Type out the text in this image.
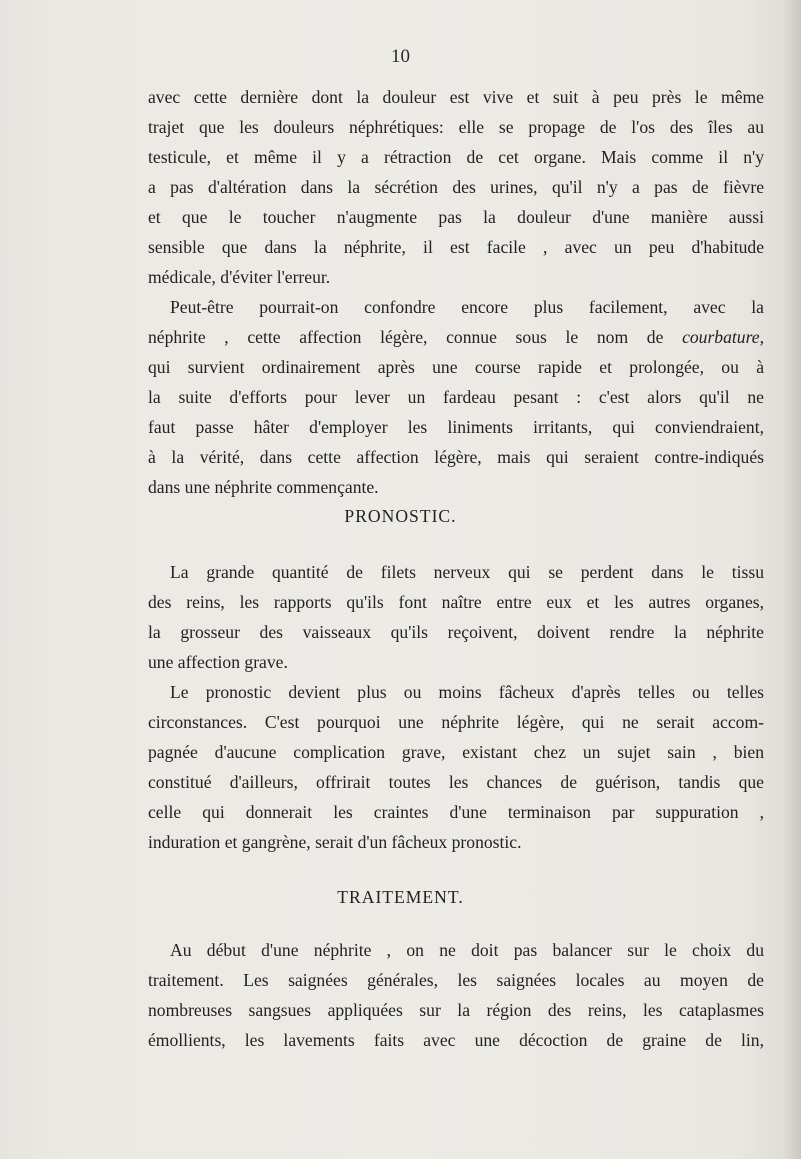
10
avec cette dernière dont la douleur est vive et suit à peu près le même
trajet que les douleurs néphrétiques: elle se propage de l'os des îles au
testicule, et même il y a rétraction de cet organe. Mais comme il n'y
a pas d'altération dans la sécrétion des urines, qu'il n'y a pas de fièvre
et que le toucher n'augmente pas la douleur d'une manière aussi
sensible que dans la néphrite, il est facile , avec un peu d'habitude
médicale, d'éviter l'erreur.
Peut-être pourrait-on confondre encore plus facilement, avec la
néphrite , cette affection légère, connue sous le nom de courbature,
qui survient ordinairement après une course rapide et prolongée, ou à
la suite d'efforts pour lever un fardeau pesant : c'est alors qu'il ne
faut passe hâter d'employer les liniments irritants, qui conviendraient,
à la vérité, dans cette affection légère, mais qui seraient contre-indiqués
dans une néphrite commençante.
PRONOSTIC.
La grande quantité de filets nerveux qui se perdent dans le tissu
des reins, les rapports qu'ils font naître entre eux et les autres organes,
la grosseur des vaisseaux qu'ils reçoivent, doivent rendre la néphrite
une affection grave.
Le pronostic devient plus ou moins fâcheux d'après telles ou telles
circonstances. C'est pourquoi une néphrite légère, qui ne serait accom-
pagnée d'aucune complication grave, existant chez un sujet sain , bien
constitué d'ailleurs, offrirait toutes les chances de guérison, tandis que
celle qui donnerait les craintes d'une terminaison par suppuration ,
induration et gangrène, serait d'un fâcheux pronostic.
TRAITEMENT.
Au début d'une néphrite , on ne doit pas balancer sur le choix du
traitement. Les saignées générales, les saignées locales au moyen de
nombreuses sangsues appliquées sur la région des reins, les cataplasmes
émollients, les lavements faits avec une décoction de graine de lin,
